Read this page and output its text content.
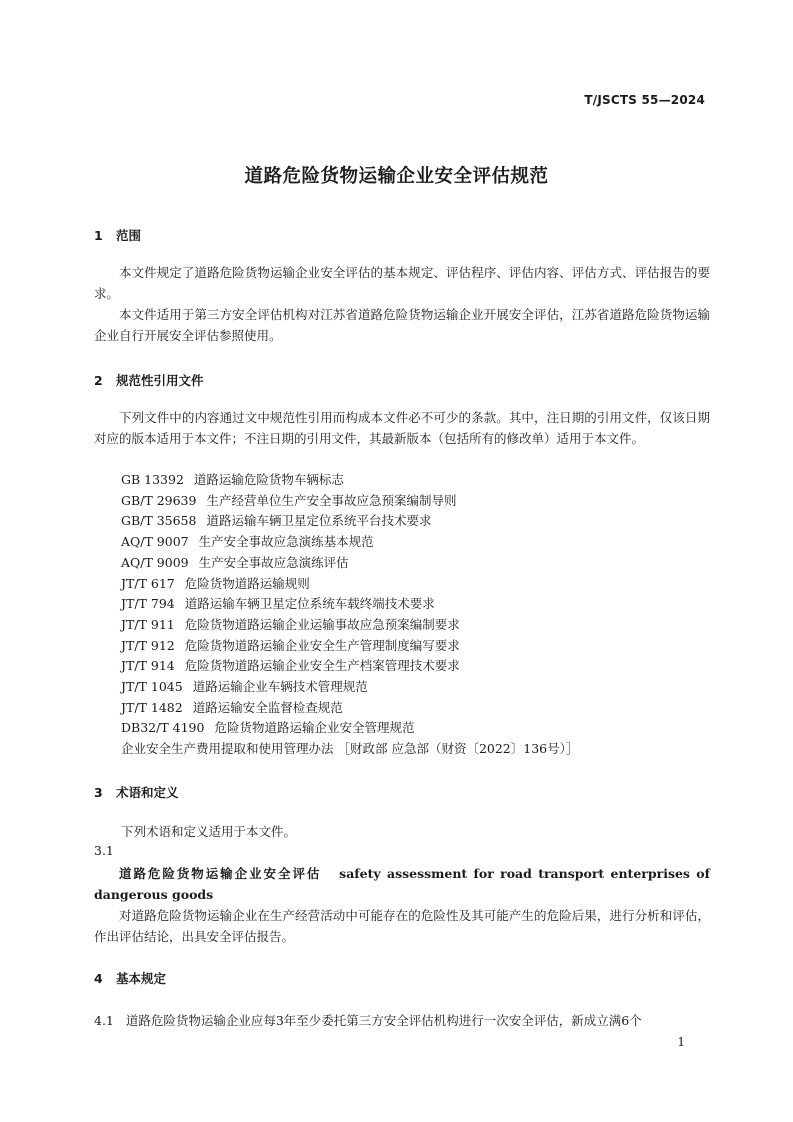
T/JSCTS 55—2024
道路危险货物运输企业安全评估规范
1 范围
本文件规定了道路危险货物运输企业安全评估的基本规定、评估程序、评估内容、评估方式、评估报告的要求。
本文件适用于第三方安全评估机构对江苏省道路危险货物运输企业开展安全评估，江苏省道路危险货物运输企业自行开展安全评估参照使用。
2 规范性引用文件
下列文件中的内容通过文中规范性引用而构成本文件必不可少的条款。其中，注日期的引用文件，仅该日期对应的版本适用于本文件；不注日期的引用文件，其最新版本（包括所有的修改单）适用于本文件。
GB 13392 道路运输危险货物车辆标志
GB/T 29639 生产经营单位生产安全事故应急预案编制导则
GB/T 35658 道路运输车辆卫星定位系统平台技术要求
AQ/T 9007 生产安全事故应急演练基本规范
AQ/T 9009 生产安全事故应急演练评估
JT/T 617 危险货物道路运输规则
JT/T 794 道路运输车辆卫星定位系统车载终端技术要求
JT/T 911 危险货物道路运输企业运输事故应急预案编制要求
JT/T 912 危险货物道路运输企业安全生产管理制度编写要求
JT/T 914 危险货物道路运输企业安全生产档案管理技术要求
JT/T 1045 道路运输企业车辆技术管理规范
JT/T 1482 道路运输安全监督检查规范
DB32/T 4190 危险货物道路运输企业安全管理规范
企业安全生产费用提取和使用管理办法 ［财政部 应急部（财资〔2022〕136号）］
3 术语和定义
下列术语和定义适用于本文件。
3.1
道路危险货物运输企业安全评估 safety assessment for road transport enterprises of dangerous goods
对道路危险货物运输企业在生产经营活动中可能存在的危险性及其可能产生的危险后果，进行分析和评估，作出评估结论，出具安全评估报告。
4 基本规定
4.1 道路危险货物运输企业应每3年至少委托第三方安全评估机构进行一次安全评估，新成立满6个
1
